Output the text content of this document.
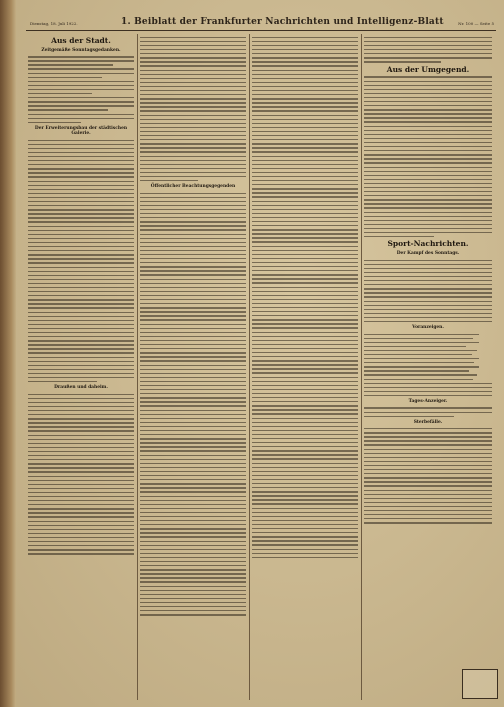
Dienstag, 18. Juli 1922.	1. Beiblatt der Frankfurter Nachrichten und Intelligenz-Blatt	Nr. 100 — Seite 5
Aus der Stadt.
Zeitgemäße Sonntagsgedanken.
Der Erweiterungsbau der städtischen Galerie.
Draußen und daheim.
Öffentlicher Beachtungsgegenden
Aus der Umgegend.
Sport-Nachrichten.
Der Kampf des Sonntags.
Voranzeigen.
Tages-Anzeiger.
Sterbefälle.
